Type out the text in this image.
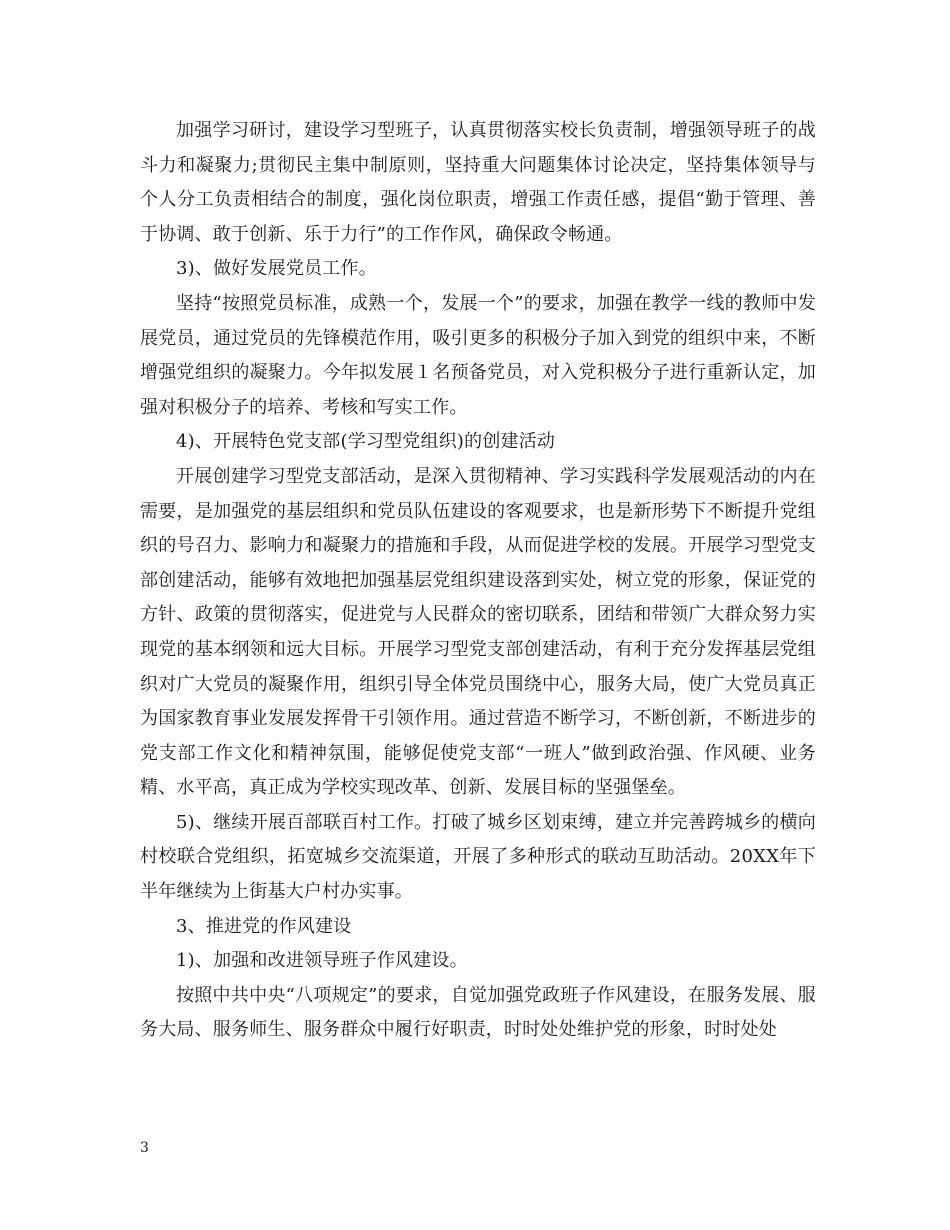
加强学习研讨，建设学习型班子，认真贯彻落实校长负责制，增强领导班子的战斗力和凝聚力;贯彻民主集中制原则，坚持重大问题集体讨论决定，坚持集体领导与个人分工负责相结合的制度，强化岗位职责，增强工作责任感，提倡“勤于管理、善于协调、敢于创新、乐于力行”的工作作风，确保政令畅通。

3)、做好发展党员工作。

坚持“按照党员标准，成熟一个，发展一个”的要求，加强在教学一线的教师中发展党员，通过党员的先锋模范作用，吸引更多的积极分子加入到党的组织中来，不断增强党组织的凝聚力。今年拟发展１名预备党员，对入党积极分子进行重新认定，加强对积极分子的培养、考核和写实工作。

4)、开展特色党支部(学习型党组织)的创建活动

开展创建学习型党支部活动，是深入贯彻精神、学习实践科学发展观活动的内在需要，是加强党的基层组织和党员队伍建设的客观要求，也是新形势下不断提升党组织的号召力、影响力和凝聚力的措施和手段，从而促进学校的发展。开展学习型党支部创建活动，能够有效地把加强基层党组织建设落到实处，树立党的形象，保证党的方针、政策的贯彻落实，促进党与人民群众的密切联系，团结和带领广大群众努力实现党的基本纲领和远大目标。开展学习型党支部创建活动，有利于充分发挥基层党组织对广大党员的凝聚作用，组织引导全体党员围绕中心，服务大局，使广大党员真正为国家教育事业发展发挥骨干引领作用。通过营造不断学习，不断创新，不断进步的党支部工作文化和精神氛围，能够促使党支部“一班人”做到政治强、作风硬、业务精、水平高，真正成为学校实现改革、创新、发展目标的坚强堡垒。

5)、继续开展百部联百村工作。打破了城乡区划束缚，建立并完善跨城乡的横向村校联合党组织，拓宽城乡交流渠道，开展了多种形式的联动互助活动。20XX年下半年继续为上街基大户村办实事。

3、推进党的作风建设

1)、加强和改进领导班子作风建设。

按照中共中央“八项规定”的要求，自觉加强党政班子作风建设，在服务发展、服务大局、服务师生、服务群众中履行好职责，时时处处维护党的形象，时时处处

3
